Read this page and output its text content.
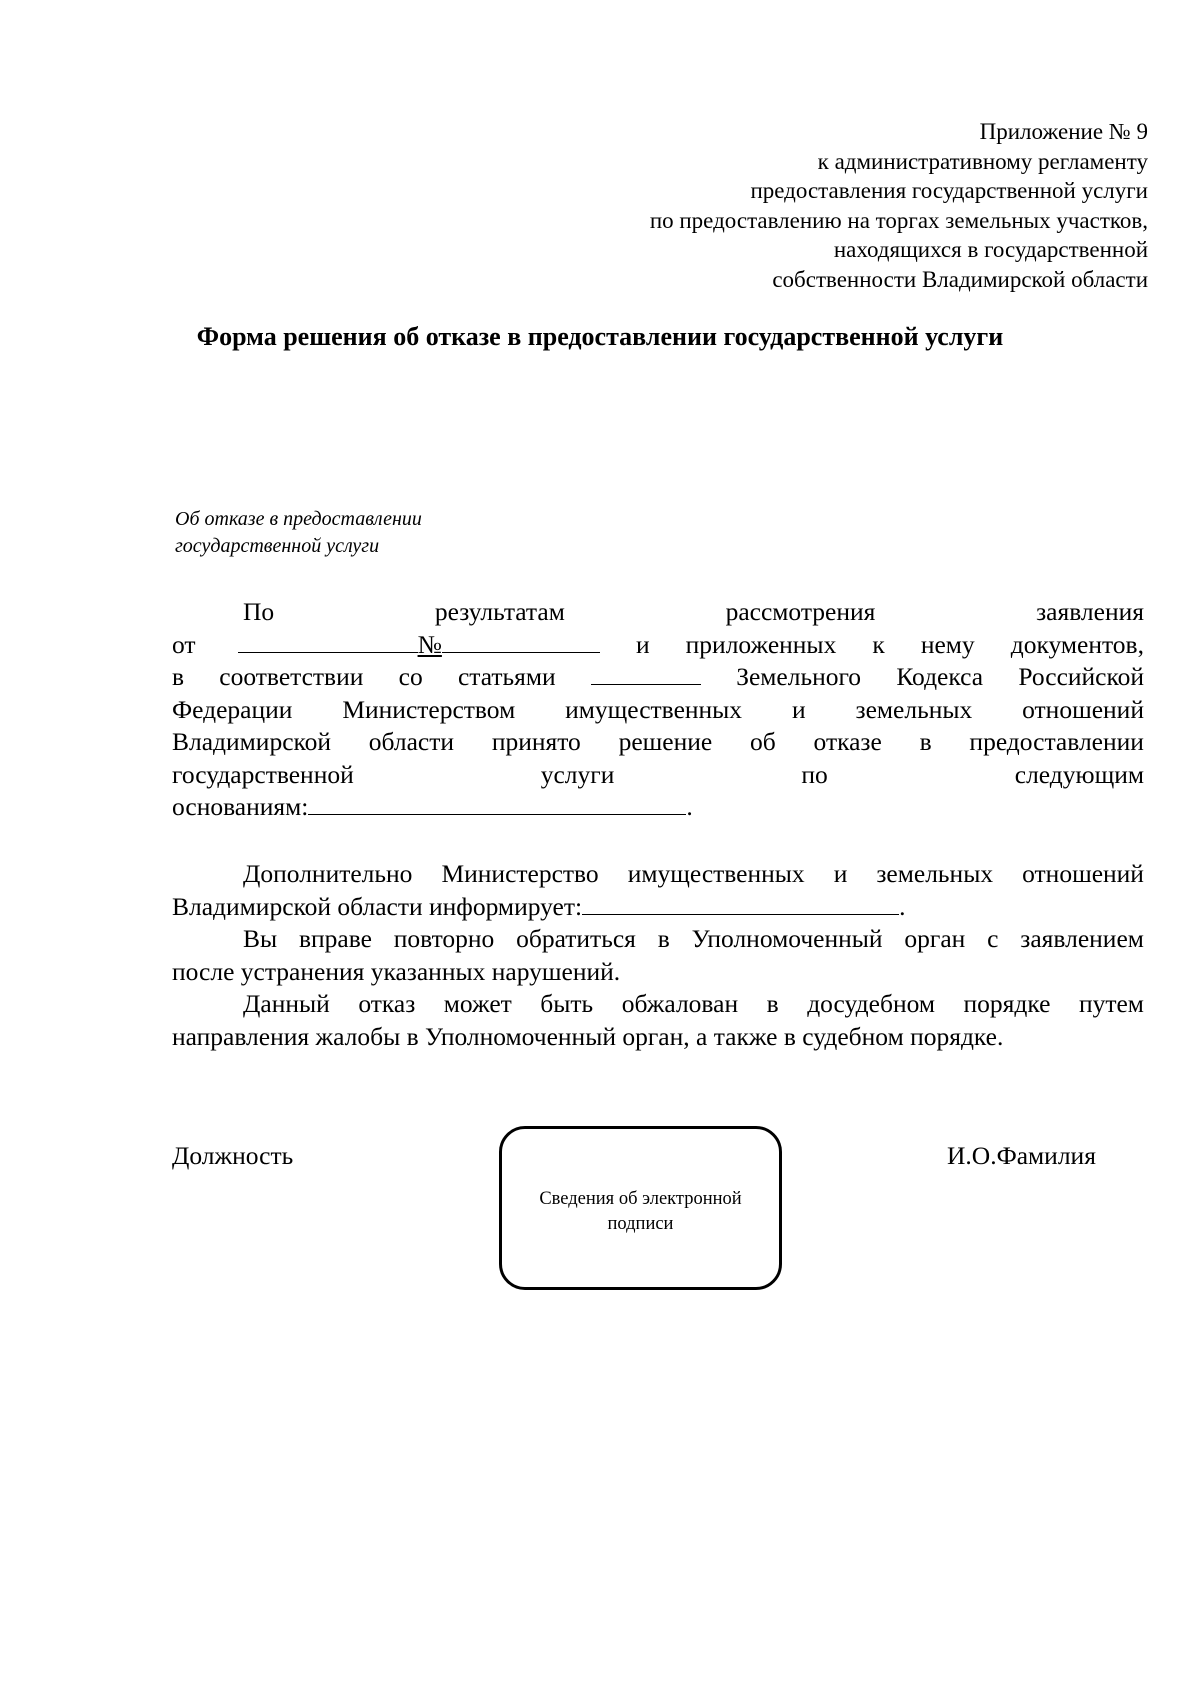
Приложение № 9
к административному регламенту
предоставления государственной услуги
по предоставлению на торгах земельных участков,
находящихся в государственной
собственности Владимирской области
Форма решения об отказе в предоставлении государственной услуги
Об отказе в предоставлении
государственной услуги
По	результатам	рассмотрения	заявления
от	№	и приложенных к нему документов,
в соответствии со статьями	Земельного Кодекса Российской
Федерации Министерством имущественных и земельных отношений
Владимирской области принято решение об отказе в предоставлении
государственной	услуги	по	следующим
основаниям:	.
Дополнительно Министерство имущественных и земельных отношений
Владимирской области информирует:	.
Вы вправе повторно обратиться в Уполномоченный орган с заявлением
после устранения указанных нарушений.
Данный отказ может быть обжалован в досудебном порядке путем
направления жалобы в Уполномоченный орган, а также в судебном порядке.
Должность
Сведения об электронной
подписи
И.О.Фамилия
